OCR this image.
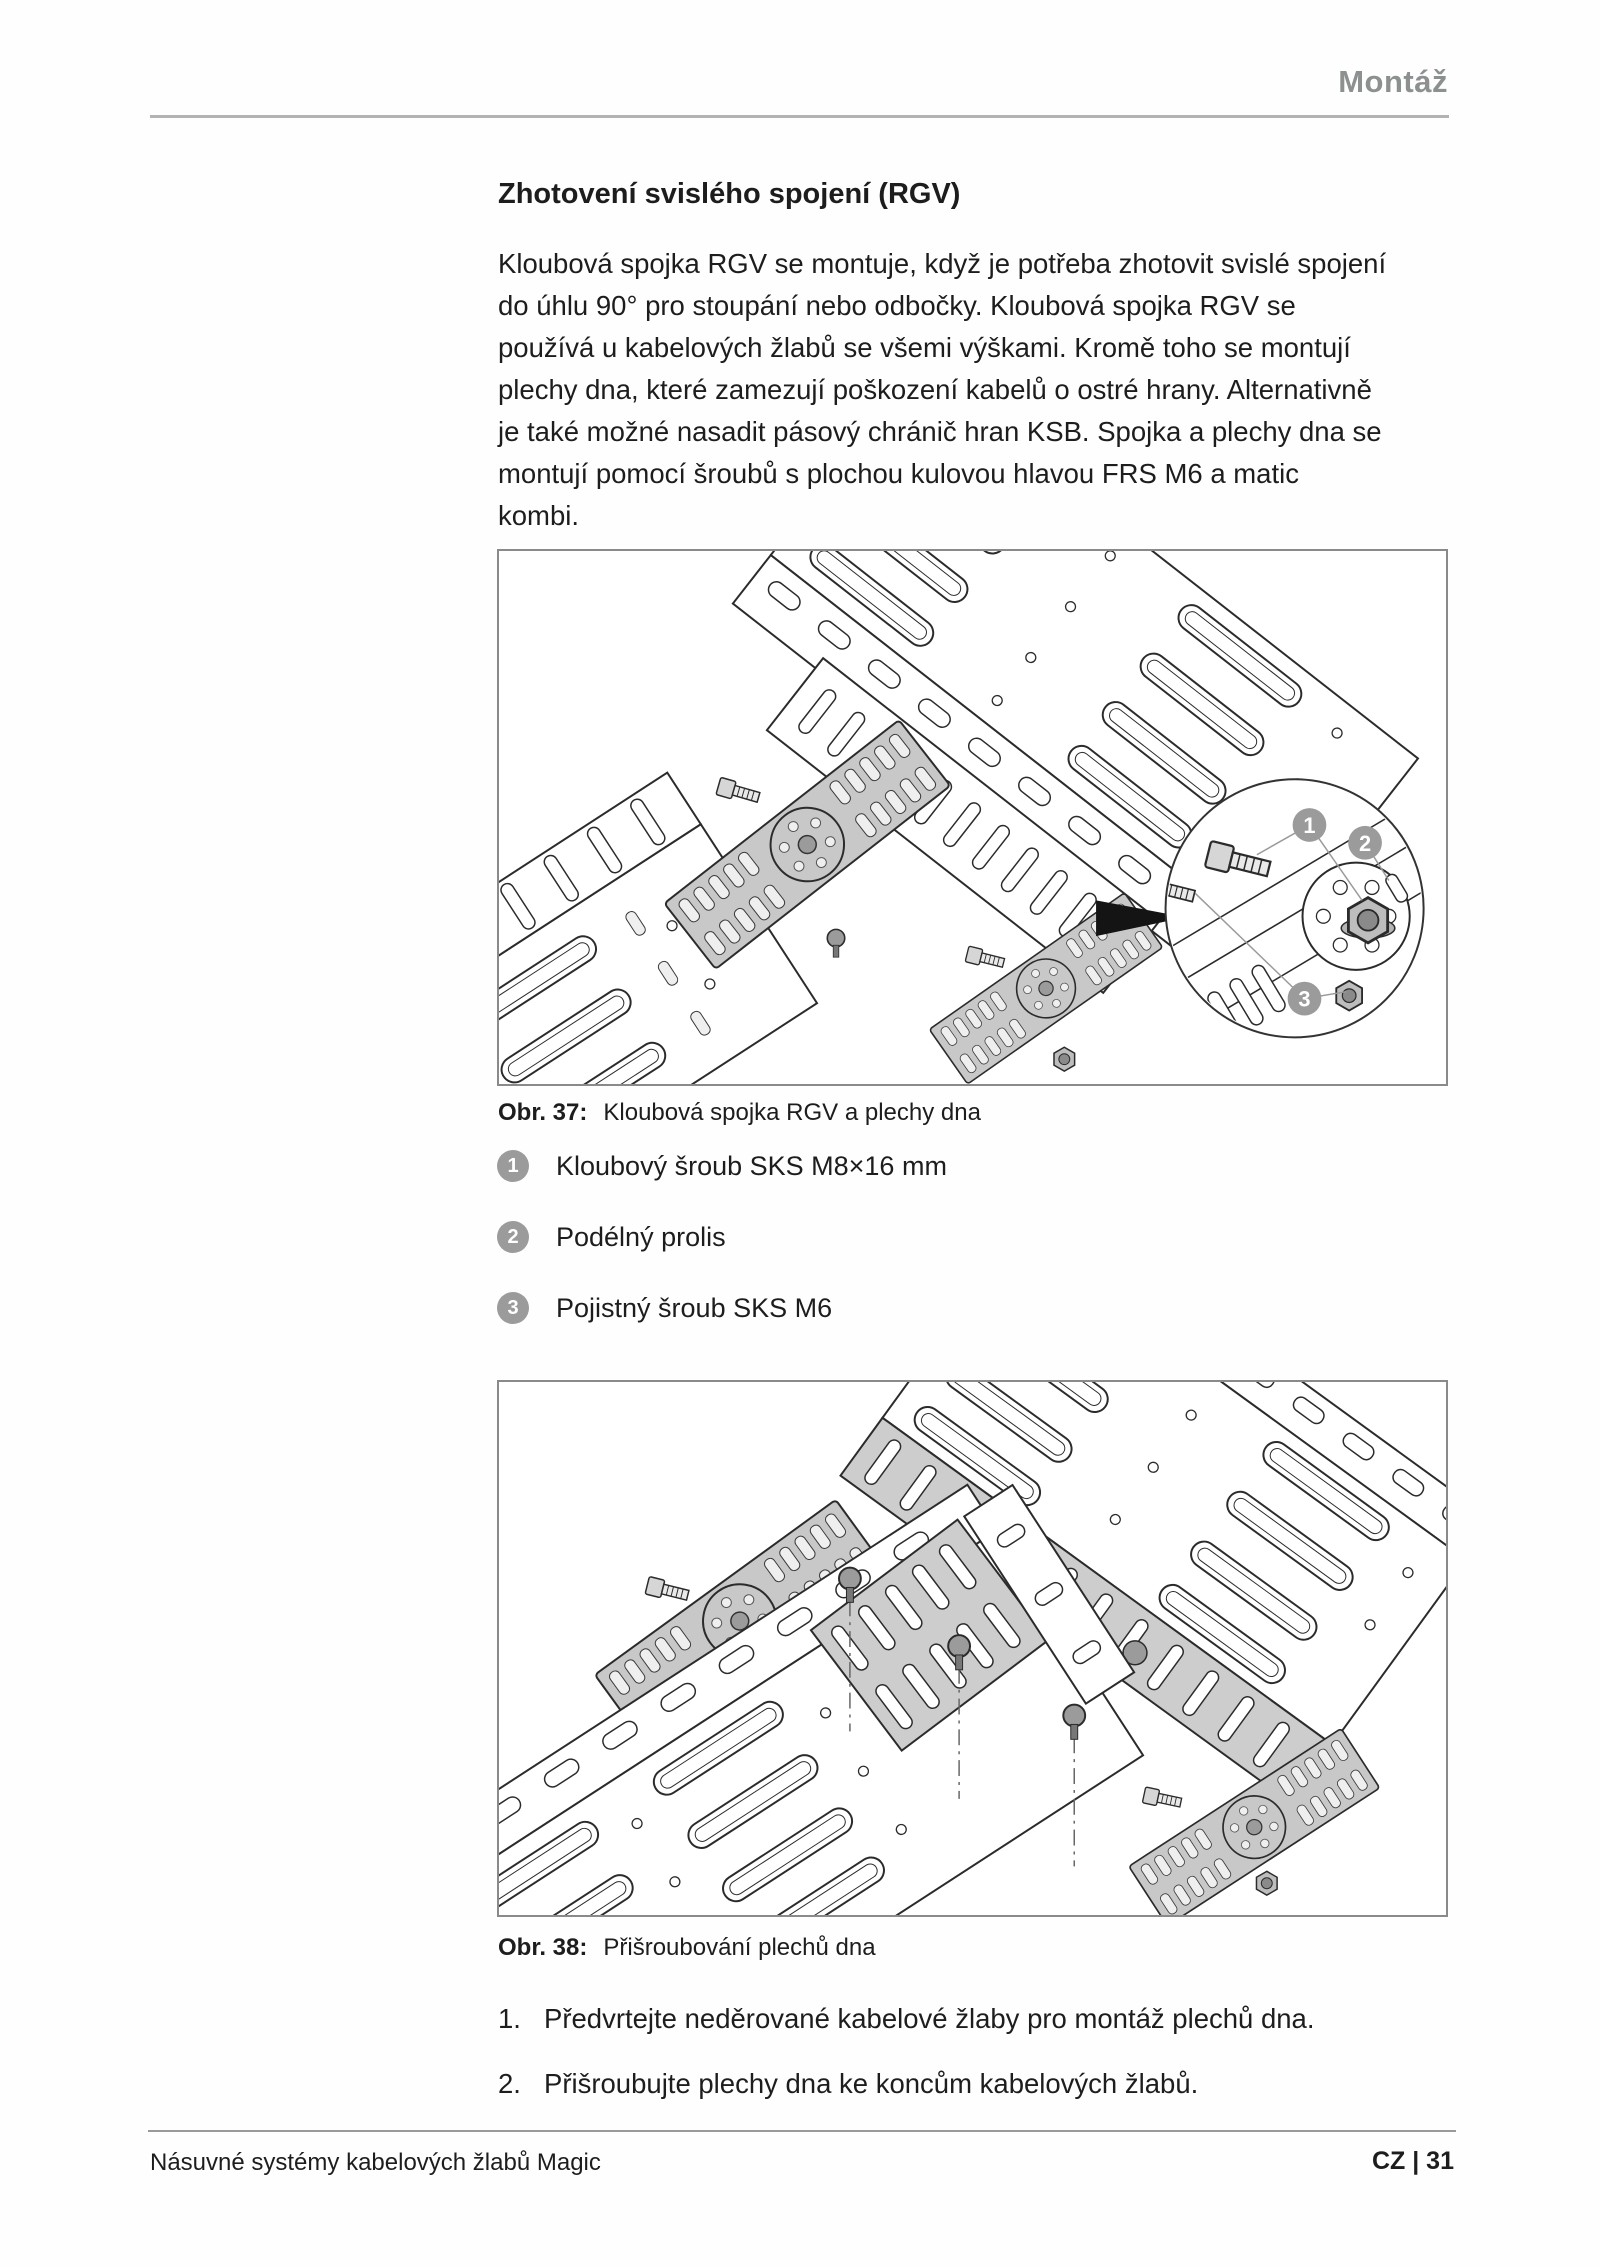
Montáž
Zhotovení svislého spojení (RGV)
Kloubová spojka RGV se montuje, když je potřeba zhotovit svislé spojení
do úhlu 90° pro stoupání nebo odbočky. Kloubová spojka RGV se
používá u kabelových žlabů se všemi výškami. Kromě toho se montují
plechy dna, které zamezují poškození kabelů o ostré hrany. Alternativně
je také možné nasadit pásový chránič hran KSB. Spojka a plechy dna se
montují pomocí šroubů s plochou kulovou hlavou FRS M6 a matic
kombi.
1
2
3
Obr. 37: Kloubová spojka RGV a plechy dna
1	Kloubový šroub SKS M8×16 mm
2	Podélný prolis
3	Pojistný šroub SKS M6
Obr. 38: Přišroubování plechů dna
1. Předvrtejte neděrované kabelové žlaby pro montáž plechů dna.
2. Přišroubujte plechy dna ke koncům kabelových žlabů.
Násuvné systémy kabelových žlabů Magic	CZ | 31
